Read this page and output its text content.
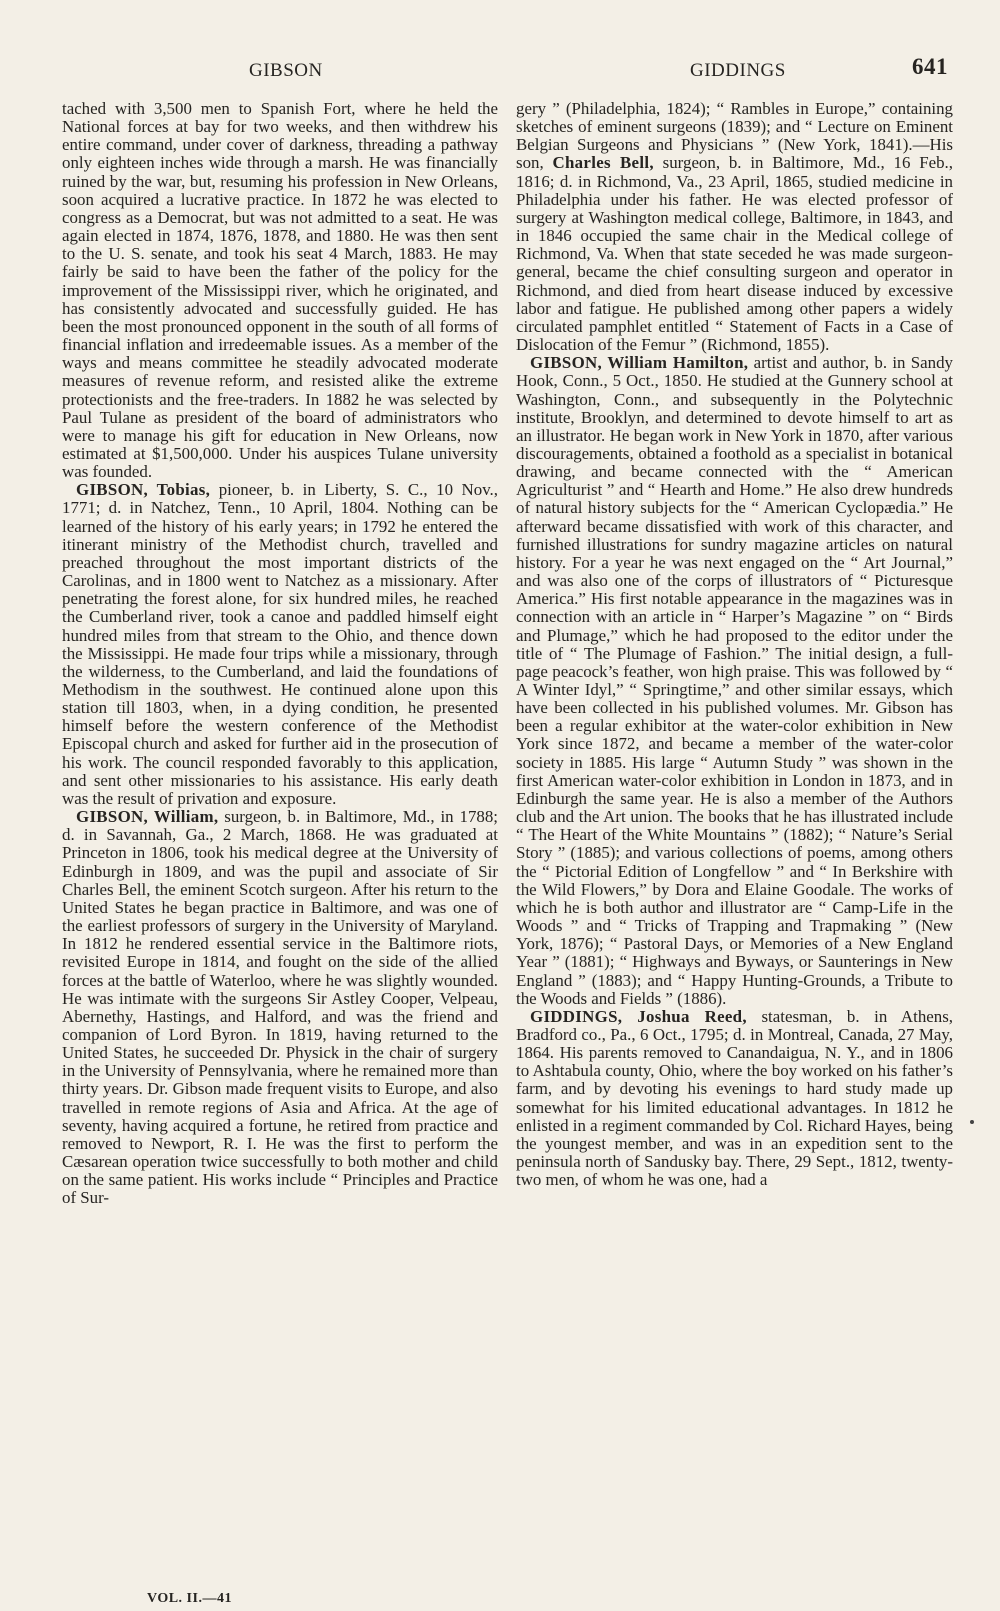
GIBSON	GIDDINGS	641

tached with 3,500 men to Spanish Fort, where he held the National forces at bay for two weeks, and then withdrew his entire command, under cover of darkness, threading a pathway only eighteen inches wide through a marsh. He was financially ruined by the war, but, resuming his profession in New Orleans, soon acquired a lucrative practice. In 1872 he was elected to congress as a Democrat, but was not admitted to a seat. He was again elected in 1874, 1876, 1878, and 1880. He was then sent to the U. S. senate, and took his seat 4 March, 1883. He may fairly be said to have been the father of the policy for the improvement of the Mississippi river, which he originated, and has consistently advocated and successfully guided. He has been the most pronounced opponent in the south of all forms of financial inflation and irredeemable issues. As a member of the ways and means committee he steadily advocated moderate measures of revenue reform, and resisted alike the extreme protectionists and the free-traders. In 1882 he was selected by Paul Tulane as president of the board of administrators who were to manage his gift for education in New Orleans, now estimated at $1,500,000. Under his auspices Tulane university was founded.

GIBSON, Tobias, pioneer, b. in Liberty, S. C., 10 Nov., 1771; d. in Natchez, Tenn., 10 April, 1804. Nothing can be learned of the history of his early years; in 1792 he entered the itinerant ministry of the Methodist church, travelled and preached throughout the most important districts of the Carolinas, and in 1800 went to Natchez as a missionary. After penetrating the forest alone, for six hundred miles, he reached the Cumberland river, took a canoe and paddled himself eight hundred miles from that stream to the Ohio, and thence down the Mississippi. He made four trips while a missionary, through the wilderness, to the Cumberland, and laid the foundations of Methodism in the southwest. He continued alone upon this station till 1803, when, in a dying condition, he presented himself before the western conference of the Methodist Episcopal church and asked for further aid in the prosecution of his work. The council responded favorably to this application, and sent other missionaries to his assistance. His early death was the result of privation and exposure.

GIBSON, William, surgeon, b. in Baltimore, Md., in 1788; d. in Savannah, Ga., 2 March, 1868. He was graduated at Princeton in 1806, took his medical degree at the University of Edinburgh in 1809, and was the pupil and associate of Sir Charles Bell, the eminent Scotch surgeon. After his return to the United States he began practice in Baltimore, and was one of the earliest professors of surgery in the University of Maryland. In 1812 he rendered essential service in the Baltimore riots, revisited Europe in 1814, and fought on the side of the allied forces at the battle of Waterloo, where he was slightly wounded. He was intimate with the surgeons Sir Astley Cooper, Velpeau, Abernethy, Hastings, and Halford, and was the friend and companion of Lord Byron. In 1819, having returned to the United States, he succeeded Dr. Physick in the chair of surgery in the University of Pennsylvania, where he remained more than thirty years. Dr. Gibson made frequent visits to Europe, and also travelled in remote regions of Asia and Africa. At the age of seventy, having acquired a fortune, he retired from practice and removed to Newport, R. I. He was the first to perform the Cæsarean operation twice successfully to both mother and child on the same patient. His works include “ Principles and Practice of Sur-

gery ” (Philadelphia, 1824); “ Rambles in Europe,” containing sketches of eminent surgeons (1839); and “ Lecture on Eminent Belgian Surgeons and Physicians ” (New York, 1841).—His son, Charles Bell, surgeon, b. in Baltimore, Md., 16 Feb., 1816; d. in Richmond, Va., 23 April, 1865, studied medicine in Philadelphia under his father. He was elected professor of surgery at Washington medical college, Baltimore, in 1843, and in 1846 occupied the same chair in the Medical college of Richmond, Va. When that state seceded he was made surgeon-general, became the chief consulting surgeon and operator in Richmond, and died from heart disease induced by excessive labor and fatigue. He published among other papers a widely circulated pamphlet entitled “ Statement of Facts in a Case of Dislocation of the Femur ” (Richmond, 1855).

GIBSON, William Hamilton, artist and author, b. in Sandy Hook, Conn., 5 Oct., 1850. He studied at the Gunnery school at Washington, Conn., and subsequently in the Polytechnic institute, Brooklyn, and determined to devote himself to art as an illustrator. He began work in New York in 1870, after various discouragements, obtained a foothold as a specialist in botanical drawing, and became connected with the “ American Agriculturist ” and “ Hearth and Home.” He also drew hundreds of natural history subjects for the “ American Cyclopædia.” He afterward became dissatisfied with work of this character, and furnished illustrations for sundry magazine articles on natural history. For a year he was next engaged on the “ Art Journal,” and was also one of the corps of illustrators of “ Picturesque America.” His first notable appearance in the magazines was in connection with an article in “ Harper’s Magazine ” on “ Birds and Plumage,” which he had proposed to the editor under the title of “ The Plumage of Fashion.” The initial design, a full-page peacock’s feather, won high praise. This was followed by “ A Winter Idyl,” “ Springtime,” and other similar essays, which have been collected in his published volumes. Mr. Gibson has been a regular exhibitor at the water-color exhibition in New York since 1872, and became a member of the water-color society in 1885. His large “ Autumn Study ” was shown in the first American water-color exhibition in London in 1873, and in Edinburgh the same year. He is also a member of the Authors club and the Art union. The books that he has illustrated include “ The Heart of the White Mountains ” (1882); “ Nature’s Serial Story ” (1885); and various collections of poems, among others the “ Pictorial Edition of Longfellow ” and “ In Berkshire with the Wild Flowers,” by Dora and Elaine Goodale. The works of which he is both author and illustrator are “ Camp-Life in the Woods ” and “ Tricks of Trapping and Trapmaking ” (New York, 1876); “ Pastoral Days, or Memories of a New England Year ” (1881); “ Highways and Byways, or Saunterings in New England ” (1883); and “ Happy Hunting-Grounds, a Tribute to the Woods and Fields ” (1886).

GIDDINGS, Joshua Reed, statesman, b. in Athens, Bradford co., Pa., 6 Oct., 1795; d. in Montreal, Canada, 27 May, 1864. His parents removed to Canandaigua, N. Y., and in 1806 to Ashtabula county, Ohio, where the boy worked on his father’s farm, and by devoting his evenings to hard study made up somewhat for his limited educational advantages. In 1812 he enlisted in a regiment commanded by Col. Richard Hayes, being the youngest member, and was in an expedition sent to the peninsula north of Sandusky bay. There, 29 Sept., 1812, twenty-two men, of whom he was one, had a

VOL. II.—41
